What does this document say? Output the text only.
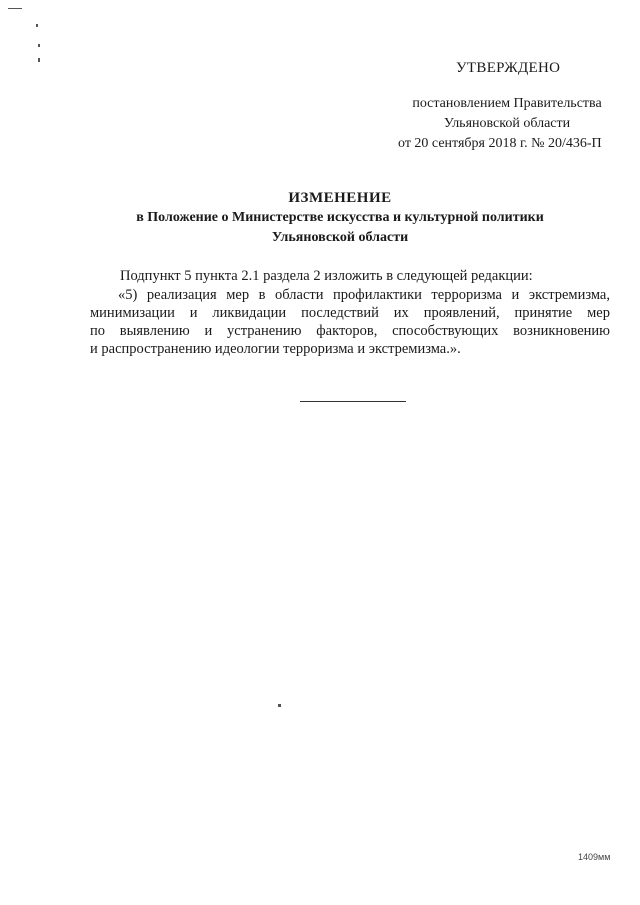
УТВЕРЖДЕНО
постановлением Правительства
Ульяновской области
от 20 сентября 2018 г. № 20/436-П
ИЗМЕНЕНИЕ
в Положение о Министерстве искусства и культурной политики
Ульяновской области
Подпункт 5 пункта 2.1 раздела 2 изложить в следующей редакции:
«5) реализация мер в области профилактики терроризма и экстремизма,
минимизации и ликвидации последствий их проявлений, принятие мер
по выявлению и устранению факторов, способствующих возникновению
и распространению идеологии терроризма и экстремизма.».
1409мм
